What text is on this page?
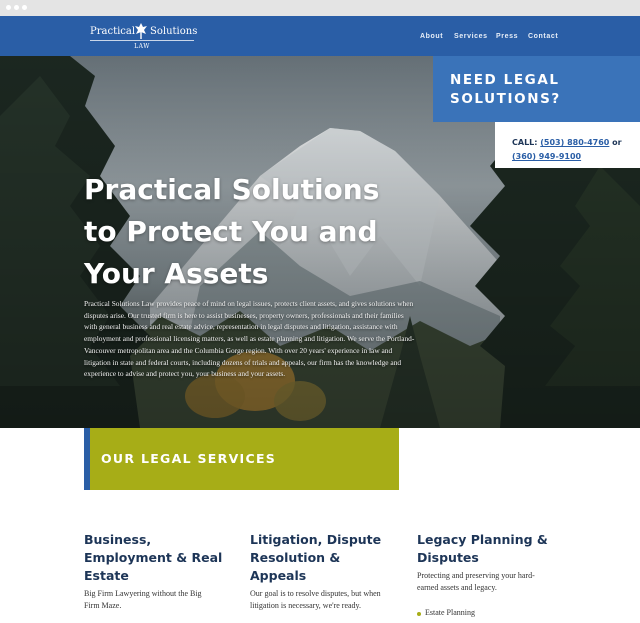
Practical Solutions
LAW
About Services Press Contact
NEED LEGAL
SOLUTIONS?
CALL: (503) 880-4760 or
(360) 949-9100
Practical Solutions
to Protect You and
Your Assets

Practical Solutions Law provides peace of mind on legal issues, protects client assets, and gives solutions when disputes arise. Our trusted firm is here to assist businesses, property owners, professionals and their families with general business and real estate advice, representation in legal disputes and litigation, assistance with employment and professional licensing matters, as well as estate planning and litigation. We serve the Portland-Vancouver metropolitan area and the Columbia Gorge region. With over 20 years' experience in law and litigation in state and federal courts, including dozens of trials and appeals, our firm has the knowledge and experience to advise and protect you, your business and your assets.

OUR LEGAL SERVICES
Business,
Employment & Real
Estate
Big Firm Lawyering without the Big
Firm Maze.
Litigation, Dispute
Resolution &
Appeals
Our goal is to resolve disputes, but when
litigation is necessary, we're ready.
Legacy Planning &
Disputes
Protecting and preserving your hard-
earned assets and legacy.
Estate Planning
